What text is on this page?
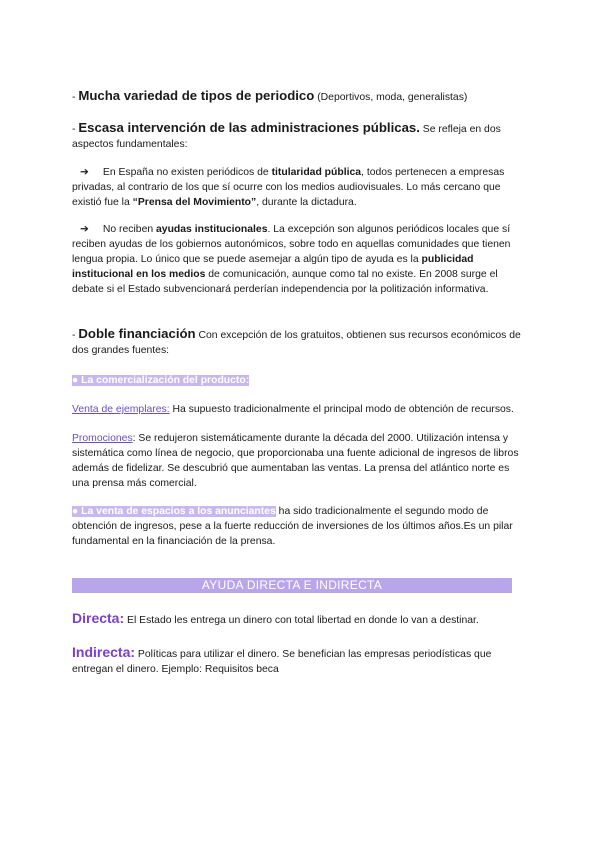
- Mucha variedad de tipos de periodico (Deportivos, moda, generalistas)

- Escasa intervención de las administraciones públicas. Se refleja en dos aspectos fundamentales:

➔ En España no existen periódicos de titularidad pública, todos pertenecen a empresas privadas, al contrario de los que sí ocurre con los medios audiovisuales. Lo más cercano que existió fue la “Prensa del Movimiento”, durante la dictadura.

➔ No reciben ayudas institucionales. La excepción son algunos periódicos locales que sí reciben ayudas de los gobiernos autonómicos, sobre todo en aquellas comunidades que tienen lengua propia. Lo único que se puede asemejar a algún tipo de ayuda es la publicidad institucional en los medios de comunicación, aunque como tal no existe. En 2008 surge el debate si el Estado subvencionará perderían independencia por la politización informativa.

- Doble financiación Con excepción de los gratuitos, obtienen sus recursos económicos de dos grandes fuentes:

● La comercialización del producto:

Venta de ejemplares: Ha supuesto tradicionalmente el principal modo de obtención de recursos.

Promociones: Se redujeron sistemáticamente durante la década del 2000. Utilización intensa y sistemática como línea de negocio, que proporcionaba una fuente adicional de ingresos de libros además de fidelizar. Se descubrió que aumentaban las ventas. La prensa del atlántico norte es una prensa más comercial.

● La venta de espacios a los anunciantes ha sido tradicionalmente el segundo modo de obtención de ingresos, pese a la fuerte reducción de inversiones de los últimos años.Es un pilar fundamental en la financiación de la prensa.

AYUDA DIRECTA E INDIRECTA

Directa: El Estado les entrega un dinero con total libertad en donde lo van a destinar.

Indirecta: Políticas para utilizar el dinero. Se benefician las empresas periodísticas que entregan el dinero. Ejemplo: Requisitos beca
